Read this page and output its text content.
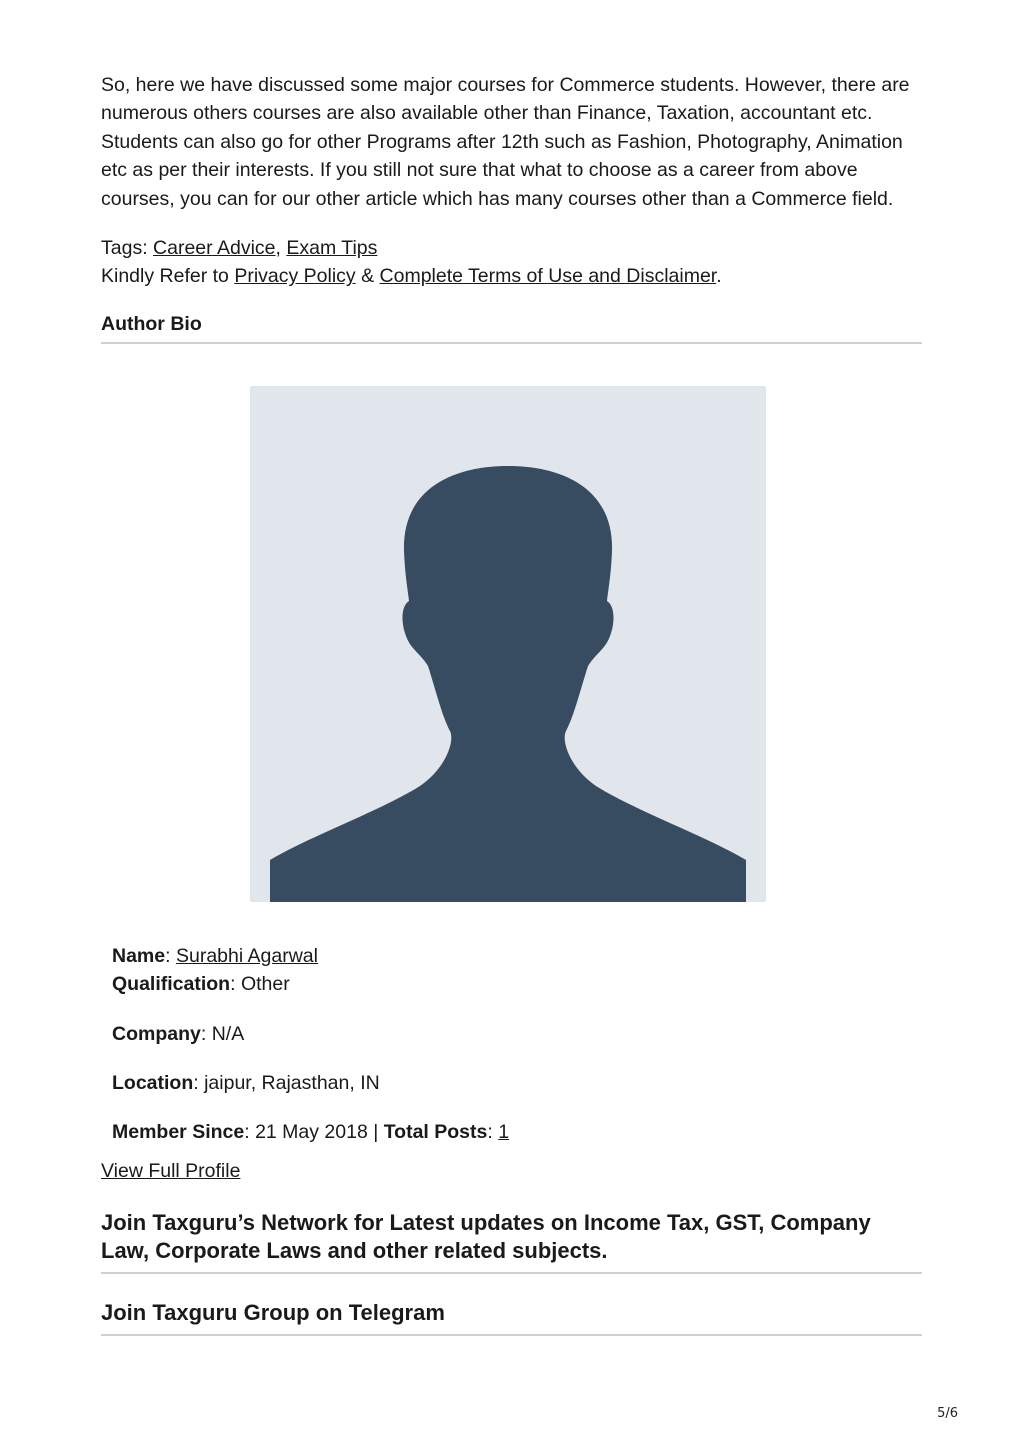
So, here we have discussed some major courses for Commerce students. However, there are numerous others courses are also available other than Finance, Taxation, accountant etc. Students can also go for other Programs after 12th such as Fashion, Photography, Animation etc as per their interests. If you still not sure that what to choose as a career from above courses, you can for our other article which has many courses other than a Commerce field.

Tags: Career Advice, Exam Tips
Kindly Refer to Privacy Policy & Complete Terms of Use and Disclaimer.
Author Bio

Name: Surabhi Agarwal

Qualification: Other

Company: N/A

Location: jaipur, Rajasthan, IN

Member Since: 21 May 2018 | Total Posts: 1

View Full Profile
Join Taxguru’s Network for Latest updates on Income Tax, GST, Company Law, Corporate Laws and other related subjects.
Join Taxguru Group on Telegram
5/6
